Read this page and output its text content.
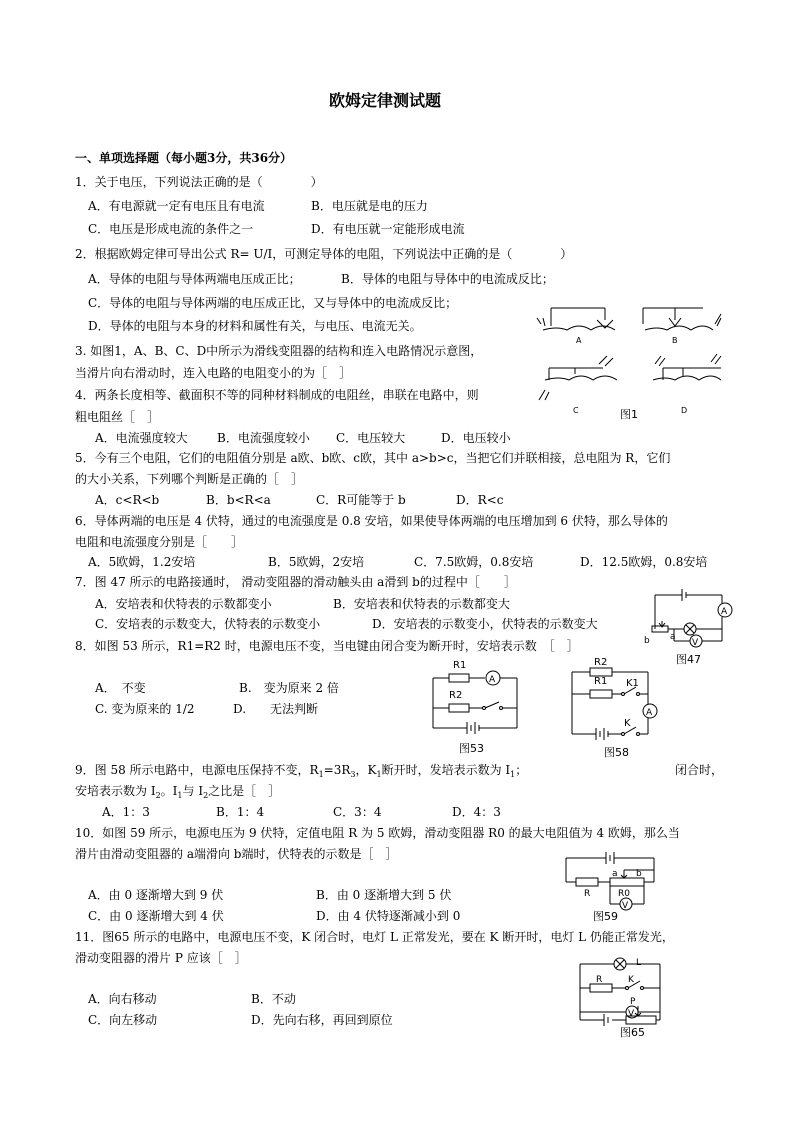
欧姆定律测试题
一、单项选择题（每小题3分，共36分）
1．关于电压，下列说法正确的是（　　　　）
A．有电源就一定有电压且有电流	B．电压就是电的压力
C．电压是形成电流的条件之一	D．有电压就一定能形成电流
2．根据欧姆定律可导出公式 R= U/I，可测定导体的电阻，下列说法中正确的是（　　　　）
A．导体的电阻与导体两端电压成正比；	B．导体的电阻与导体中的电流成反比；
C．导体的电阻与导体两端的电压成正比，又与导体中的电流成反比；
D．导体的电阻与本身的材料和属性有关，与电压、电流无关。
3. 如图1，A、B、C、D中所示为滑线变阻器的结构和连入电路情况示意图，
当滑片向右滑动时，连入电路的电阻变小的为［　］
4．两条长度相等、截面积不等的同种材料制成的电阻丝，串联在电路中，则
粗电阻丝［　］
A．电流强度较大 B．电流强度较小 C．电压较大	D．电压较小
5．今有三个电阻，它们的电阻值分别是 a欧、b欧、c欧，其中 a>b>c，当把它们并联相接，总电阻为 R，它们
的大小关系，下列哪个判断是正确的［　］
A．c<R<b	B．b<R<a	C．R可能等于 b	D．R<c
6．导体两端的电压是 4 伏特，通过的电流强度是 0.8 安培，如果使导体两端的电压增加到 6 伏特，那么导体的
电阻和电流强度分别是［　　］
A．5欧姆，1.2安培	B．5欧姆，2安培	C．7.5欧姆，0.8安培	D．12.5欧姆，0.8安培
7．图 47 所示的电路接通时， 滑动变阻器的滑动触头由 a滑到 b的过程中［　　］
A．安培表和伏特表的示数都变小	B．安培表和伏特表的示数都变大
C．安培表的示数变大，伏特表的示数变小	D．安培表的示数变小，伏特表的示数变大
8．如图 53 所示，R1=R2 时，电源电压不变，当电键由闭合变为断开时，安培表示数　［　］
A．　不变	B.　变为原来 2 倍
C. 变为原来的 1/2	D.　　无法判断
9．图 58 所示电路中，电源电压保持不变，$R_1=3R_3$，$K_1$断开时，发培表示数为 $I_1$；	闭合时，
安培表示数为 $I_2$。$I_1$与 $I_2$之比是［　］
A．1：3	B．1：4	C．3：4	D．4：3
10．如图 59 所示，电源电压为 9 伏特，定值电阻 R 为 5 欧姆，滑动变阻器 R0 的最大电阻值为 4 欧姆，那么当
滑片由滑动变阻器的 a端滑向 b端时，伏特表的示数是［　］
A．由 0 逐渐增大到 9 伏	B．由 0 逐渐增大到 5 伏
C．由 0 逐渐增大到 4 伏	D．由 4 伏特逐渐减小到 0
11．图65 所示的电路中，电源电压不变，K 闭合时，电灯 L 正常发光，要在 K 断开时，电灯 L 仍能正常发光，
滑动变阻器的滑片 P 应该［　］
A．向右移动	B．不动
C．向左移动	D．先向右移，再回到原位
A	B
C	D
图1
A
V
b a
图47
R1
A
R2
图53
R2
R1 K1
A
K
图58
R
a b
R0
V
图59
L
R	K
V
P
图65
